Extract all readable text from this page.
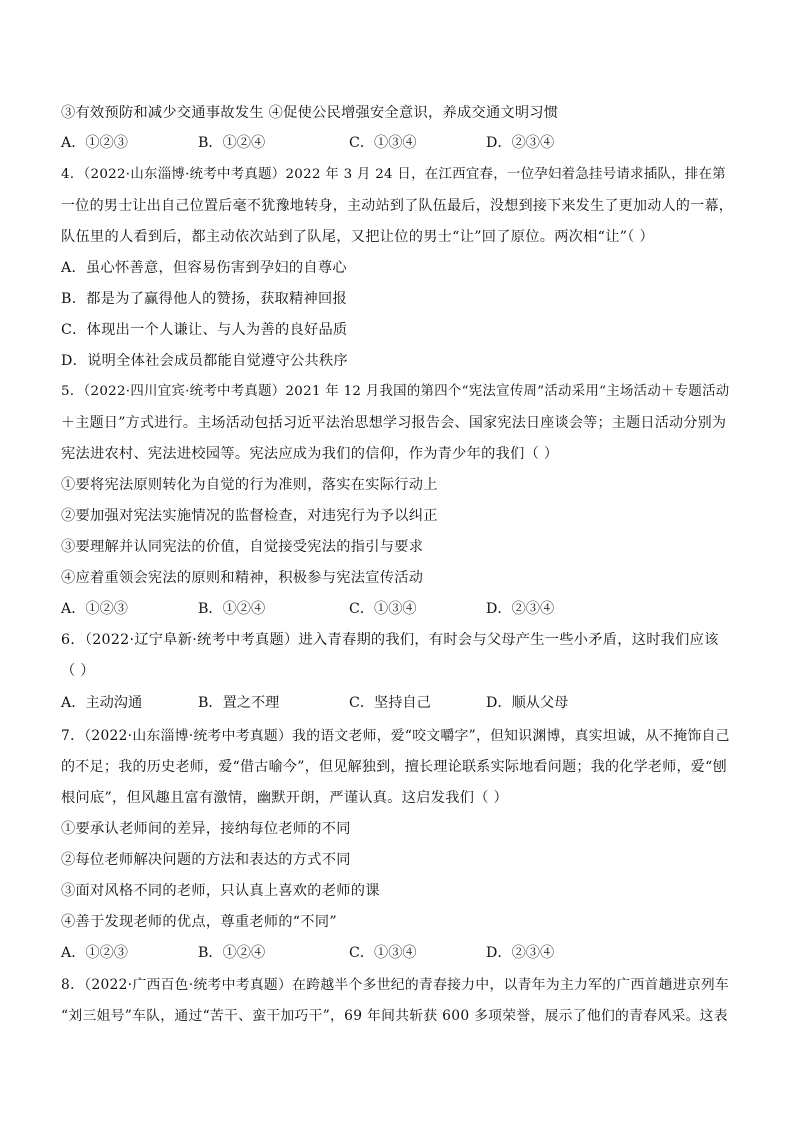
③有效预防和减少交通事故发生 ④促使公民增强安全意识，养成交通文明习惯
A．①②③	B．①②④	C．①③④	D．②③④
4．（2022·山东淄博·统考中考真题）2022 年 3 月 24 日，在江西宜春，一位孕妇着急挂号请求插队，排在第
一位的男士让出自己位置后毫不犹豫地转身，主动站到了队伍最后，没想到接下来发生了更加动人的一幕，
队伍里的人看到后，都主动依次站到了队尾，又把让位的男士“让”回了原位。两次相“让”（ ）
A．虽心怀善意，但容易伤害到孕妇的自尊心
B．都是为了赢得他人的赞扬，获取精神回报
C．体现出一个人谦让、与人为善的良好品质
D．说明全体社会成员都能自觉遵守公共秩序
5．（2022·四川宜宾·统考中考真题）2021 年 12 月我国的第四个“宪法宣传周”活动采用“主场活动＋专题活动
＋主题日”方式进行。主场活动包括习近平法治思想学习报告会、国家宪法日座谈会等；主题日活动分别为
宪法进农村、宪法进校园等。宪法应成为我们的信仰，作为青少年的我们（ ）
①要将宪法原则转化为自觉的行为准则，落实在实际行动上
②要加强对宪法实施情况的监督检查，对违宪行为予以纠正
③要理解并认同宪法的价值，自觉接受宪法的指引与要求
④应着重领会宪法的原则和精神，积极参与宪法宣传活动
A．①②③	B．①②④	C．①③④	D．②③④
6．（2022·辽宁阜新·统考中考真题）进入青春期的我们，有时会与父母产生一些小矛盾，这时我们应该
（ ）
A．主动沟通	B．置之不理	C．坚持自己	D．顺从父母
7．（2022·山东淄博·统考中考真题）我的语文老师，爱“咬文嚼字”，但知识渊博，真实坦诚，从不掩饰自己
的不足；我的历史老师，爱“借古喻今”，但见解独到，擅长理论联系实际地看问题；我的化学老师，爱“刨
根问底”，但风趣且富有激情，幽默开朗，严谨认真。这启发我们（ ）
①要承认老师间的差异，接纳每位老师的不同
②每位老师解决问题的方法和表达的方式不同
③面对风格不同的老师，只认真上喜欢的老师的课
④善于发现老师的优点，尊重老师的“不同”
A．①②③	B．①②④	C．①③④	D．②③④
8．（2022·广西百色·统考中考真题）在跨越半个多世纪的青春接力中，以青年为主力军的广西首趟进京列车
“刘三姐号”车队，通过“苦干、蛮干加巧干”，69 年间共斩获 600 多项荣誉，展示了他们的青春风采。这表
